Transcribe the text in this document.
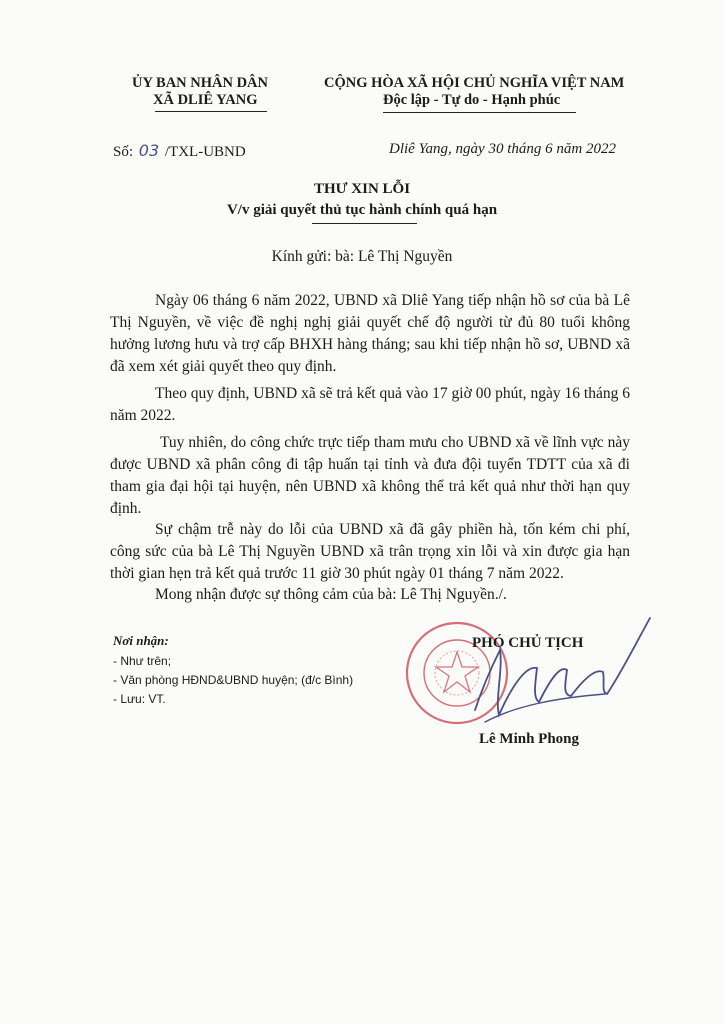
ỦY BAN NHÂN DÂN
XÃ DLIÊ YANG
CỘNG HÒA XÃ HỘI CHỦ NGHĨA VIỆT NAM
Độc lập - Tự do - Hạnh phúc
Số: 03 /TXL-UBND	Dliê Yang, ngày 30 tháng 6 năm 2022
THƯ XIN LỖI
V/v giải quyết thủ tục hành chính quá hạn
Kính gửi: bà: Lê Thị Nguyền
Ngày 06 tháng 6 năm 2022, UBND xã Dliê Yang tiếp nhận hồ sơ của bà Lê Thị Nguyền, về việc đề nghị nghị giải quyết chế độ người từ đủ 80 tuổi không hưởng lương hưu và trợ cấp BHXH hàng tháng; sau khi tiếp nhận hồ sơ, UBND xã đã xem xét giải quyết theo quy định.
Theo quy định, UBND xã sẽ trả kết quả vào 17 giờ 00 phút, ngày 16 tháng 6 năm 2022.
Tuy nhiên, do công chức trực tiếp tham mưu cho UBND xã về lĩnh vực này được UBND xã phân công đi tập huấn tại tỉnh và đưa đội tuyển TDTT của xã đi tham gia đại hội tại huyện, nên UBND xã không thể trả kết quả như thời hạn quy định.
Sự chậm trễ này do lỗi của UBND xã đã gây phiền hà, tốn kém chi phí, công sức của bà Lê Thị Nguyền UBND xã trân trọng xin lỗi và xin được gia hạn thời gian hẹn trả kết quả trước 11 giờ 30 phút ngày 01 tháng 7 năm 2022.
Mong nhận được sự thông cảm của bà: Lê Thị Nguyền./.
Nơi nhận:
- Như trên;
- Văn phòng HĐND&UBND huyện; (đ/c Bình)
- Lưu: VT.
PHÓ CHỦ TỊCH
Lê Minh Phong
